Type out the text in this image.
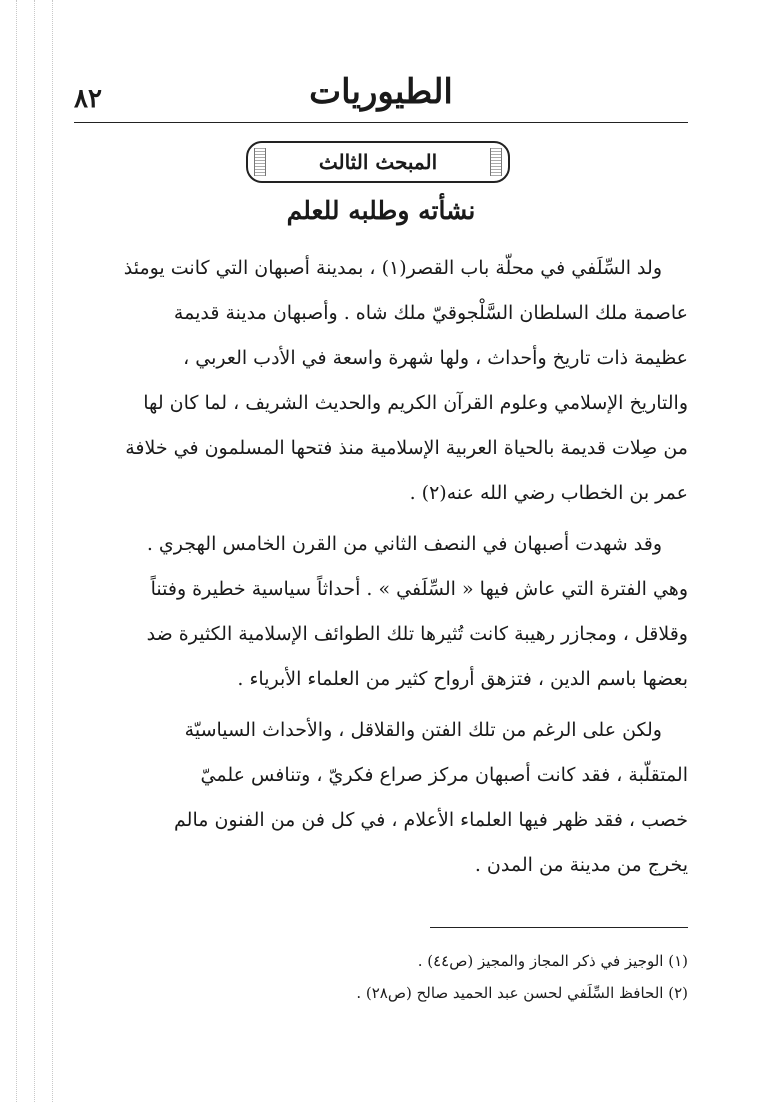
٨٢	الطيوريات
المبحث الثالث
نشأته وطلبه للعلم

ولد السِّلَفي في محلّة باب القصر(١) ، بمدينة أصبهان التي كانت يومئذ

عاصمة ملك السلطان السَّلْجوقيّ ملك شاه . وأصبهان مدينة قديمة

عظيمة ذات تاريخ وأحداث ، ولها شهرة واسعة في الأدب العربي ،

والتاريخ الإسلامي وعلوم القرآن الكريم والحديث الشريف ، لما كان لها

من صِلات قديمة بالحياة العربية الإسلامية منذ فتحها المسلمون في خلافة

عمر بن الخطاب رضي الله عنه(٢) .

وقد شهدت أصبهان في النصف الثاني من القرن الخامس الهجري .

وهي الفترة التي عاش فيها « السِّلَفي » . أحداثاً سياسية خطيرة وفتناً

وقلاقل ، ومجازر رهيبة كانت تُثيرها تلك الطوائف الإسلامية الكثيرة ضد

بعضها باسم الدين ، فتزهق أرواح كثير من العلماء الأبرياء .

ولكن على الرغم من تلك الفتن والقلاقل ، والأحداث السياسيّة

المتقلّبة ، فقد كانت أصبهان مركز صراع فكريّ ، وتنافس علميّ

خصب ، فقد ظهر فيها العلماء الأعلام ، في كل فن من الفنون مالم

يخرج من مدينة من المدن .

(١) الوجيز في ذكر المجاز والمجيز (ص٤٤) .

(٢) الحافظ السِّلَفي لحسن عبد الحميد صالح (ص٢٨) .
